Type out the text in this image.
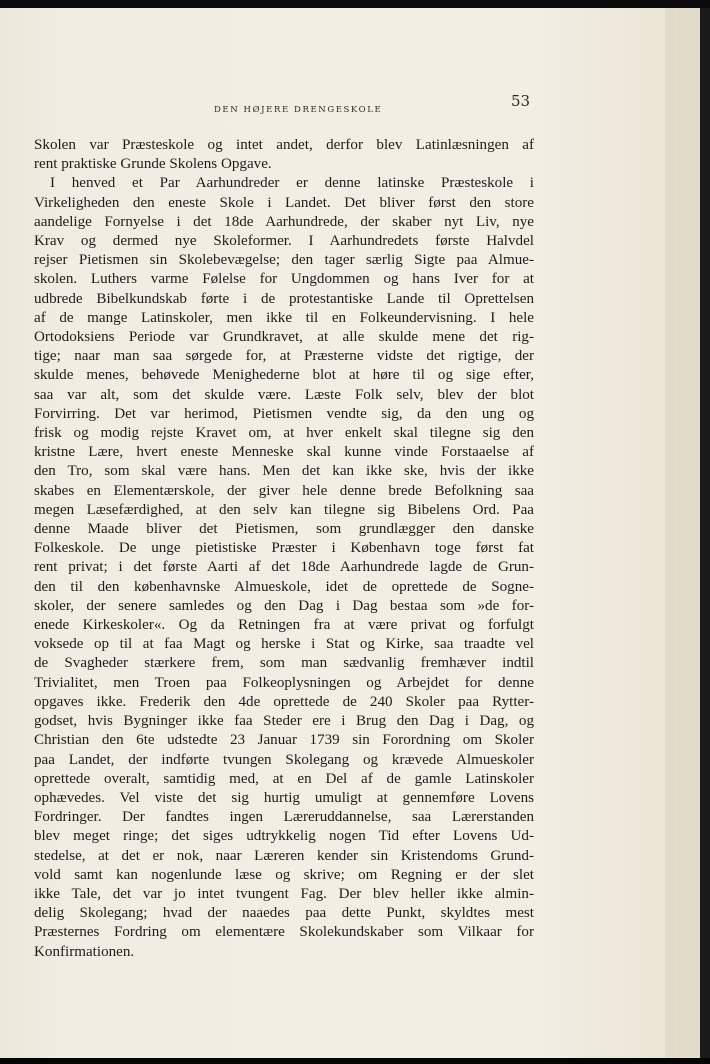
DEN HØJERE DRENGESKOLE	53
Skolen var Præsteskole og intet andet, derfor blev Latinlæsningen af
rent praktiske Grunde Skolens Opgave.
I henved et Par Aarhundreder er denne latinske Præsteskole i
Virkeligheden den eneste Skole i Landet. Det bliver først den store
aandelige Fornyelse i det 18de Aarhundrede, der skaber nyt Liv, nye
Krav og dermed nye Skoleformer. I Aarhundredets første Halvdel
rejser Pietismen sin Skolebevægelse; den tager særlig Sigte paa Almue-
skolen. Luthers varme Følelse for Ungdommen og hans Iver for at
udbrede Bibelkundskab førte i de protestantiske Lande til Oprettelsen
af de mange Latinskoler, men ikke til en Folkeundervisning. I hele
Ortodoksiens Periode var Grundkravet, at alle skulde mene det rig-
tige; naar man saa sørgede for, at Præsterne vidste det rigtige, der
skulde menes, behøvede Menighederne blot at høre til og sige efter,
saa var alt, som det skulde være. Læste Folk selv, blev der blot
Forvirring. Det var herimod, Pietismen vendte sig, da den ung og
frisk og modig rejste Kravet om, at hver enkelt skal tilegne sig den
kristne Lære, hvert eneste Menneske skal kunne vinde Forstaaelse af
den Tro, som skal være hans. Men det kan ikke ske, hvis der ikke
skabes en Elementærskole, der giver hele denne brede Befolkning saa
megen Læsefærdighed, at den selv kan tilegne sig Bibelens Ord. Paa
denne Maade bliver det Pietismen, som grundlægger den danske
Folkeskole. De unge pietistiske Præster i København toge først fat
rent privat; i det første Aarti af det 18de Aarhundrede lagde de Grun-
den til den københavnske Almueskole, idet de oprettede de Sogne-
skoler, der senere samledes og den Dag i Dag bestaa som »de for-
enede Kirkeskoler«. Og da Retningen fra at være privat og forfulgt
voksede op til at faa Magt og herske i Stat og Kirke, saa traadte vel
de Svagheder stærkere frem, som man sædvanlig fremhæver indtil
Trivialitet, men Troen paa Folkeoplysningen og Arbejdet for denne
opgaves ikke. Frederik den 4de oprettede de 240 Skoler paa Rytter-
godset, hvis Bygninger ikke faa Steder ere i Brug den Dag i Dag, og
Christian den 6te udstedte 23 Januar 1739 sin Forordning om Skoler
paa Landet, der indførte tvungen Skolegang og krævede Almueskoler
oprettede overalt, samtidig med, at en Del af de gamle Latinskoler
ophævedes. Vel viste det sig hurtig umuligt at gennemføre Lovens
Fordringer. Der fandtes ingen Læreruddannelse, saa Lærerstanden
blev meget ringe; det siges udtrykkelig nogen Tid efter Lovens Ud-
stedelse, at det er nok, naar Læreren kender sin Kristendoms Grund-
vold samt kan nogenlunde læse og skrive; om Regning er der slet
ikke Tale, det var jo intet tvungent Fag. Der blev heller ikke almin-
delig Skolegang; hvad der naaedes paa dette Punkt, skyldtes mest
Præsternes Fordring om elementære Skolekundskaber som Vilkaar for
Konfirmationen.
